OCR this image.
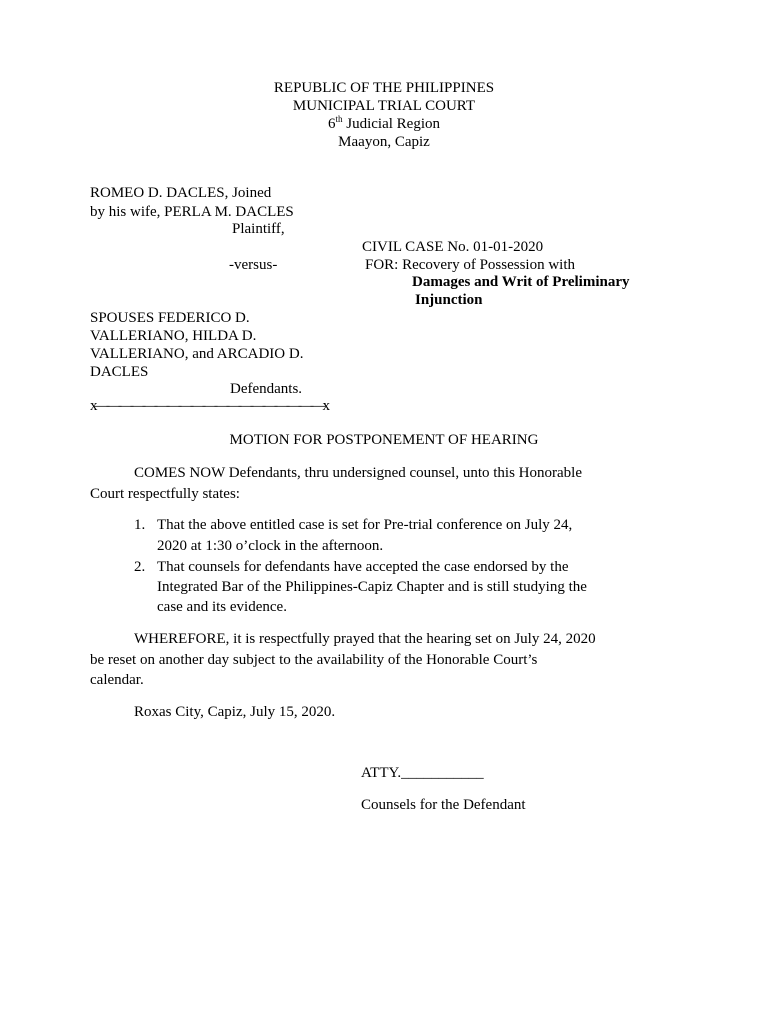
REPUBLIC OF THE PHILIPPINES
MUNICIPAL TRIAL COURT
6th Judicial Region
Maayon, Capiz
ROMEO D. DACLES, Joined
by his wife, PERLA M. DACLES
Plaintiff,
CIVIL CASE No. 01-01-2020
-versus-	FOR: Recovery of Possession with
Damages and Writ of Preliminary
Injunction
SPOUSES FEDERICO D.
VALLERIANO, HILDA D.
VALLERIANO, and ARCADIO D.
DACLES
Defendants.
x———————————————————x
MOTION FOR POSTPONEMENT OF HEARING
COMES NOW Defendants, thru undersigned counsel, unto this Honorable
Court respectfully states:
1. That the above entitled case is set for Pre-trial conference on July 24,
2020 at 1:30 o’clock in the afternoon.
2. That counsels for defendants have accepted the case endorsed by the
Integrated Bar of the Philippines-Capiz Chapter and is still studying the
case and its evidence.
WHEREFORE, it is respectfully prayed that the hearing set on July 24, 2020
be reset on another day subject to the availability of the Honorable Court’s
calendar.
Roxas City, Capiz, July 15, 2020.
ATTY.___________
Counsels for the Defendant
